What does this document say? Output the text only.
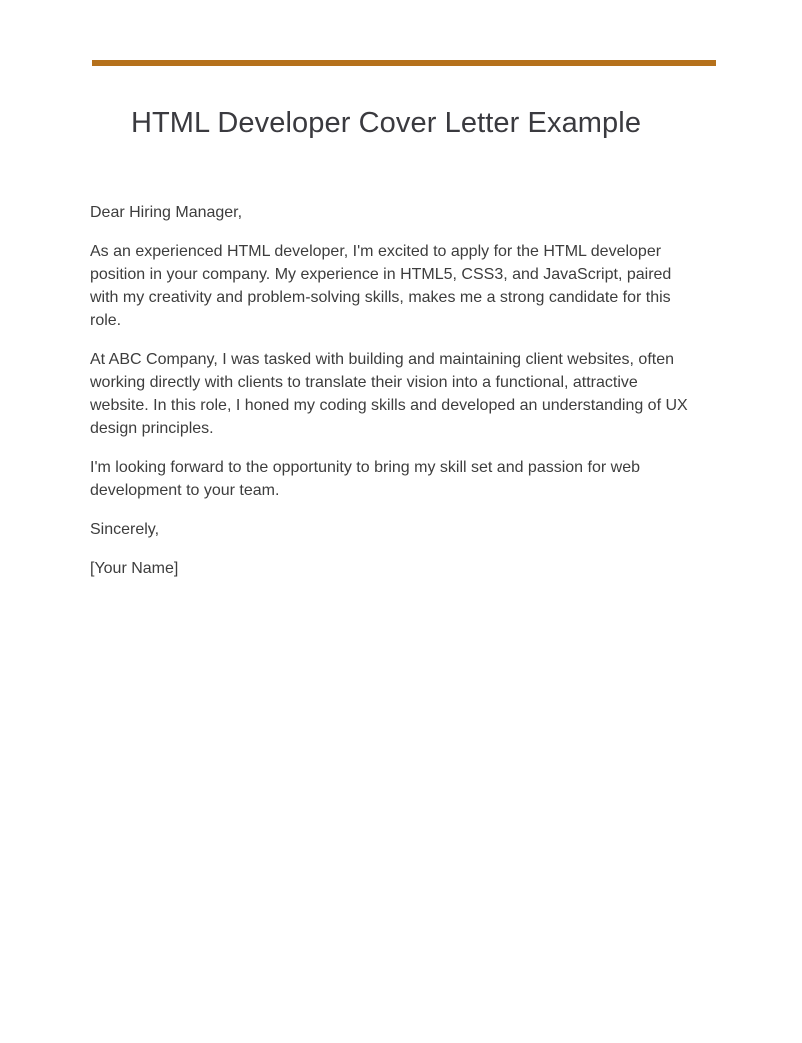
HTML Developer Cover Letter Example

Dear Hiring Manager,

As an experienced HTML developer, I'm excited to apply for the HTML developer position in your company. My experience in HTML5, CSS3, and JavaScript, paired with my creativity and problem-solving skills, makes me a strong candidate for this role.

At ABC Company, I was tasked with building and maintaining client websites, often working directly with clients to translate their vision into a functional, attractive website. In this role, I honed my coding skills and developed an understanding of UX design principles.

I'm looking forward to the opportunity to bring my skill set and passion for web development to your team.

Sincerely,

[Your Name]
